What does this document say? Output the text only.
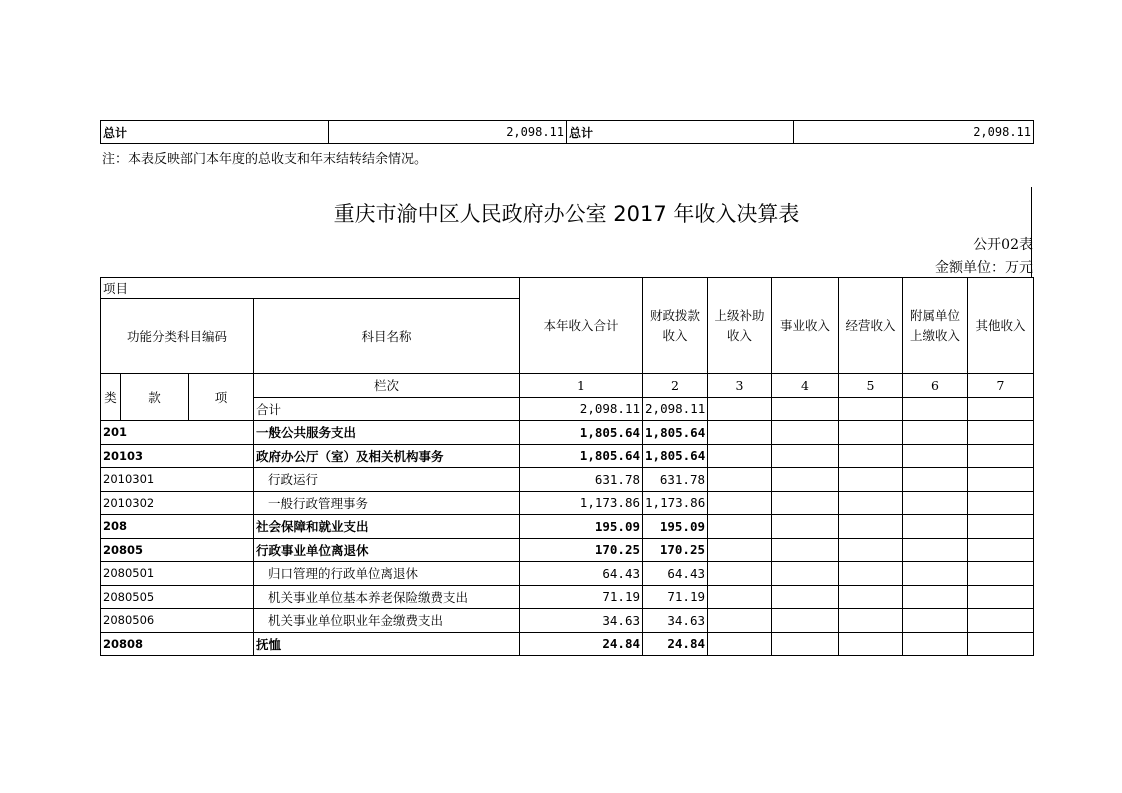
总计	2,098.11	总计	2,098.11
注：本表反映部门本年度的总收支和年末结转结余情况。
重庆市渝中区人民政府办公室 2017 年收入决算表
公开02表
金额单位：万元
项目				本年收入合计	财政拨款收入	上级补助收入	事业收入	经营收入	附属单位上缴收入	其他收入
功能分类科目编码			科目名称							
类	款	项	栏次	1	2	3	4	5	6	7
			合计	2,098.11	2,098.11					
201			一般公共服务支出	1,805.64	1,805.64					
20103			政府办公厅（室）及相关机构事务	1,805.64	1,805.64					
2010301			行政运行	631.78	631.78					
2010302			一般行政管理事务	1,173.86	1,173.86					
208			社会保障和就业支出	195.09	195.09					
20805			行政事业单位离退休	170.25	170.25					
2080501			归口管理的行政单位离退休	64.43	64.43					
2080505			机关事业单位基本养老保险缴费支出	71.19	71.19					
2080506			机关事业单位职业年金缴费支出	34.63	34.63					
20808			抚恤	24.84	24.84					
